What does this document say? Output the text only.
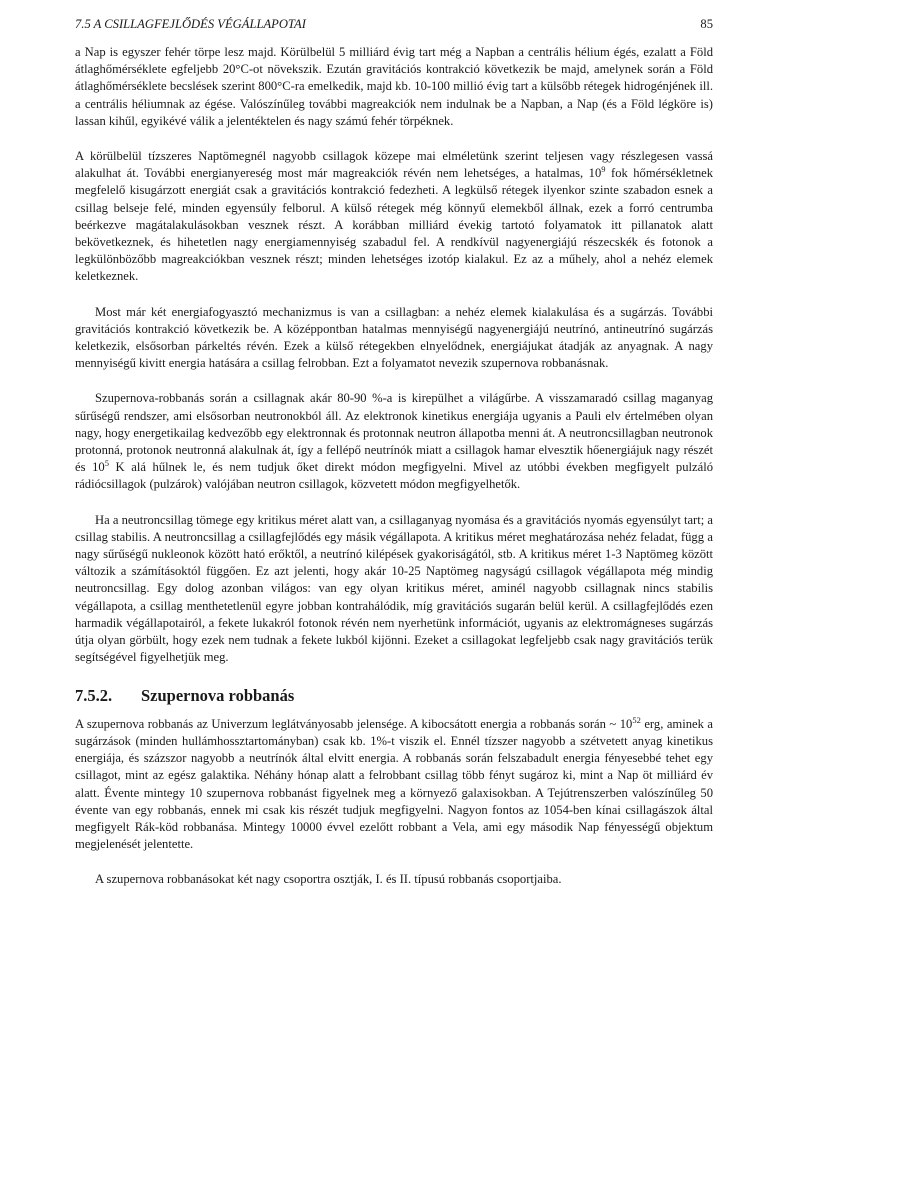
7.5 A CSILLAGFEJLŐDÉS VÉGÁLLAPOTAI	85

a Nap is egyszer fehér törpe lesz majd. Körülbelül 5 milliárd évig tart még a Napban a centrális hélium égés, ezalatt a Föld átlaghőmérséklete egfeljebb 20°C-ot növekszik. Ezután gravitációs kontrakció következik be majd, amelynek során a Föld átlaghőmérséklete becslések szerint 800°C-ra emelkedik, majd kb. 10-100 millió évig tart a külsőbb rétegek hidrogénjének ill. a centrális héliumnak az égése. Valószínűleg további magreakciók nem indulnak be a Napban, a Nap (és a Föld légköre is) lassan kihűl, egyikévé válik a jelentéktelen és nagy számú fehér törpéknek.

A körülbelül tízszeres Naptömegnél nagyobb csillagok közepe mai elméletünk szerint teljesen vagy részlegesen vassá alakulhat át. További energianyereség most már magreakciók révén nem lehetséges, a hatalmas, $10^9$ fok hőmérsékletnek megfelelő kisugárzott energiát csak a gravitációs kontrakció fedezheti. A legkülső rétegek ilyenkor szinte szabadon esnek a csillag belseje felé, minden egyensúly felborul. A külső rétegek még könnyű elemekből állnak, ezek a forró centrumba beérkezve magátalakulásokban vesznek részt. A korábban milliárd évekig tartotó folyamatok itt pillanatok alatt bekövetkeznek, és hihetetlen nagy energiamennyiség szabadul fel. A rendkívül nagyenergiájú részecskék és fotonok a legkülönbözőbb magreakciókban vesznek részt; minden lehetséges izotóp kialakul. Ez az a műhely, ahol a nehéz elemek keletkeznek.

Most már két energiafogyasztó mechanizmus is van a csillagban: a nehéz elemek kialakulása és a sugárzás. További gravitációs kontrakció következik be. A középpontban hatalmas mennyiségű nagyenergiájú neutrínó, antineutrínó sugárzás keletkezik, elsősorban párkeltés révén. Ezek a külső rétegekben elnyelődnek, energiájukat átadják az anyagnak. A nagy mennyiségű kivitt energia hatására a csillag felrobban. Ezt a folyamatot nevezik szupernova robbanásnak.

Szupernova-robbanás során a csillagnak akár 80-90 %-a is kirepülhet a világűrbe. A visszamaradó csillag maganyag sűrűségű rendszer, ami elsősorban neutronokból áll. Az elektronok kinetikus energiája ugyanis a Pauli elv értelmében olyan nagy, hogy energetikailag kedvezőbb egy elektronnak és protonnak neutron állapotba menni át. A neutroncsillagban neutronok protonná, protonok neutronná alakulnak át, így a fellépő neutrínók miatt a csillagok hamar elvesztik hőenergiájuk nagy részét és $10^5$ K alá hűlnek le, és nem tudjuk őket direkt módon megfigyelni. Mivel az utóbbi években megfigyelt pulzáló rádiócsillagok (pulzárok) valójában neutron csillagok, közvetett módon megfigyelhetők.

Ha a neutroncsillag tömege egy kritikus méret alatt van, a csillaganyag nyomása és a gravitációs nyomás egyensúlyt tart; a csillag stabilis. A neutroncsillag a csillagfejlődés egy másik végállapota. A kritikus méret meghatározása nehéz feladat, függ a nagy sűrűségű nukleonok között ható erőktől, a neutrínó kilépések gyakoriságától, stb. A kritikus méret 1-3 Naptömeg között változik a számításoktól függően. Ez azt jelenti, hogy akár 10-25 Naptömeg nagyságú csillagok végállapota még mindig neutroncsillag. Egy dolog azonban világos: van egy olyan kritikus méret, aminél nagyobb csillagnak nincs stabilis végállapota, a csillag menthetetlenül egyre jobban kontrahálódik, míg gravitációs sugarán belül kerül. A csillagfejlődés ezen harmadik végállapotairól, a fekete lukakról fotonok révén nem nyerhetünk információt, ugyanis az elektromágneses sugárzás útja olyan görbült, hogy ezek nem tudnak a fekete lukból kijönni. Ezeket a csillagokat legfeljebb csak nagy gravitációs terük segítségével figyelhetjük meg.

7.5.2.	Szupernova robbanás

A szupernova robbanás az Univerzum leglátványosabb jelensége. A kibocsátott energia a robbanás során ~ $10^{52}$ erg, aminek a sugárzások (minden hullámhossztartományban) csak kb. 1%-t viszik el. Ennél tízszer nagyobb a szétvetett anyag kinetikus energiája, és százszor nagyobb a neutrínók által elvitt energia. A robbanás során felszabadult energia fényesebbé tehet egy csillagot, mint az egész galaktika. Néhány hónap alatt a felrobbant csillag több fényt sugároz ki, mint a Nap öt milliárd év alatt. Évente mintegy 10 szupernova robbanást figyelnek meg a környező galaxisokban. A Tejútrenszerben valószínűleg 50 évente van egy robbanás, ennek mi csak kis részét tudjuk megfigyelni. Nagyon fontos az 1054-ben kínai csillagászok által megfigyelt Rák-köd robbanása. Mintegy 10000 évvel ezelőtt robbant a Vela, ami egy második Nap fényességű objektum megjelenését jelentette.

A szupernova robbanásokat két nagy csoportra osztják, I. és II. típusú robbanás csoportjaiba.
